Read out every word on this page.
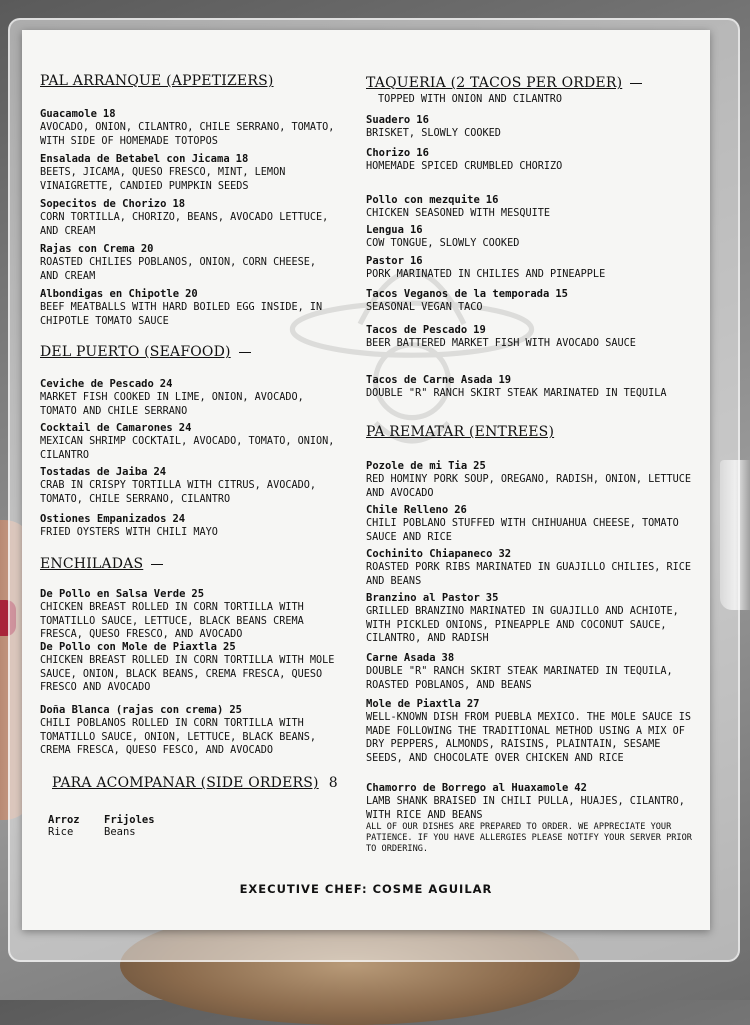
PAL ARRANQUE (APPETIZERS)
Guacamole 18
AVOCADO, ONION, CILANTRO, CHILE SERRANO, TOMATO, WITH SIDE OF HOMEMADE TOTOPOS
Ensalada de Betabel con Jicama 18
BEETS, JICAMA, QUESO FRESCO, MINT, LEMON VINAIGRETTE, CANDIED PUMPKIN SEEDS
Sopecitos de Chorizo 18
CORN TORTILLA, CHORIZO, BEANS, AVOCADO LETTUCE, AND CREAM
Rajas con Crema 20
ROASTED CHILIES POBLANOS, ONION, CORN CHEESE, AND CREAM
Albondigas en Chipotle 20
BEEF MEATBALLS WITH HARD BOILED EGG INSIDE, IN CHIPOTLE TOMATO SAUCE
DEL PUERTO (SEAFOOD)
Ceviche de Pescado 24
MARKET FISH COOKED IN LIME, ONION, AVOCADO, TOMATO AND CHILE SERRANO
Cocktail de Camarones 24
MEXICAN SHRIMP COCKTAIL, AVOCADO, TOMATO, ONION, CILANTRO
Tostadas de Jaiba 24
CRAB IN CRISPY TORTILLA WITH CITRUS, AVOCADO, TOMATO, CHILE SERRANO, CILANTRO
Ostiones Empanizados 24
FRIED OYSTERS WITH CHILI MAYO
ENCHILADAS
De Pollo en Salsa Verde 25
CHICKEN BREAST ROLLED IN CORN TORTILLA WITH TOMATILLO SAUCE, LETTUCE, BLACK BEANS CREMA FRESCA, QUESO FRESCO, AND AVOCADO
De Pollo con Mole de Piaxtla 25
CHICKEN BREAST ROLLED IN CORN TORTILLA WITH MOLE SAUCE, ONION, BLACK BEANS, CREMA FRESCA, QUESO FRESCO AND AVOCADO
Doña Blanca (rajas con crema) 25
CHILI POBLANOS ROLLED IN CORN TORTILLA WITH TOMATILLO SAUCE, ONION, LETTUCE, BLACK BEANS, CREMA FRESCA, QUESO FESCO, AND AVOCADO
PARA ACOMPANAR (SIDE ORDERS) 8
Arroz
Rice
Frijoles
Beans
TAQUERIA (2 TACOS PER ORDER)
TOPPED WITH ONION AND CILANTRO
Suadero 16
BRISKET, SLOWLY COOKED
Chorizo 16
HOMEMADE SPICED CRUMBLED CHORIZO
Pollo con mezquite 16
CHICKEN SEASONED WITH MESQUITE
Lengua 16
COW TONGUE, SLOWLY COOKED
Pastor 16
PORK MARINATED IN CHILIES AND PINEAPPLE
Tacos Veganos de la temporada 15
SEASONAL VEGAN TACO
Tacos de Pescado 19
BEER BATTERED MARKET FISH WITH AVOCADO SAUCE
Tacos de Carne Asada 19
DOUBLE "R" RANCH SKIRT STEAK MARINATED IN TEQUILA
PA REMATAR (ENTREES)
Pozole de mi Tia 25
RED HOMINY PORK SOUP, OREGANO, RADISH, ONION, LETTUCE AND AVOCADO
Chile Relleno 26
CHILI POBLANO STUFFED WITH CHIHUAHUA CHEESE, TOMATO SAUCE AND RICE
Cochinito Chiapaneco 32
ROASTED PORK RIBS MARINATED IN GUAJILLO CHILIES, RICE AND BEANS
Branzino al Pastor 35
GRILLED BRANZINO MARINATED IN GUAJILLO AND ACHIOTE, WITH PICKLED ONIONS, PINEAPPLE AND COCONUT SAUCE, CILANTRO, AND RADISH
Carne Asada 38
DOUBLE "R" RANCH SKIRT STEAK MARINATED IN TEQUILA, ROASTED POBLANOS, AND BEANS
Mole de Piaxtla 27
WELL-KNOWN DISH FROM PUEBLA MEXICO. THE MOLE SAUCE IS MADE FOLLOWING THE TRADITIONAL METHOD USING A MIX OF DRY PEPPERS, ALMONDS, RAISINS, PLAINTAIN, SESAME SEEDS, AND CHOCOLATE OVER CHICKEN AND RICE
Chamorro de Borrego al Huaxamole 42
LAMB SHANK BRAISED IN CHILI PULLA, HUAJES, CILANTRO, WITH RICE AND BEANS
ALL OF OUR DISHES ARE PREPARED TO ORDER. WE APPRECIATE YOUR PATIENCE. IF YOU HAVE ALLERGIES PLEASE NOTIFY YOUR SERVER PRIOR TO ORDERING.
EXECUTIVE CHEF: COSME AGUILAR
